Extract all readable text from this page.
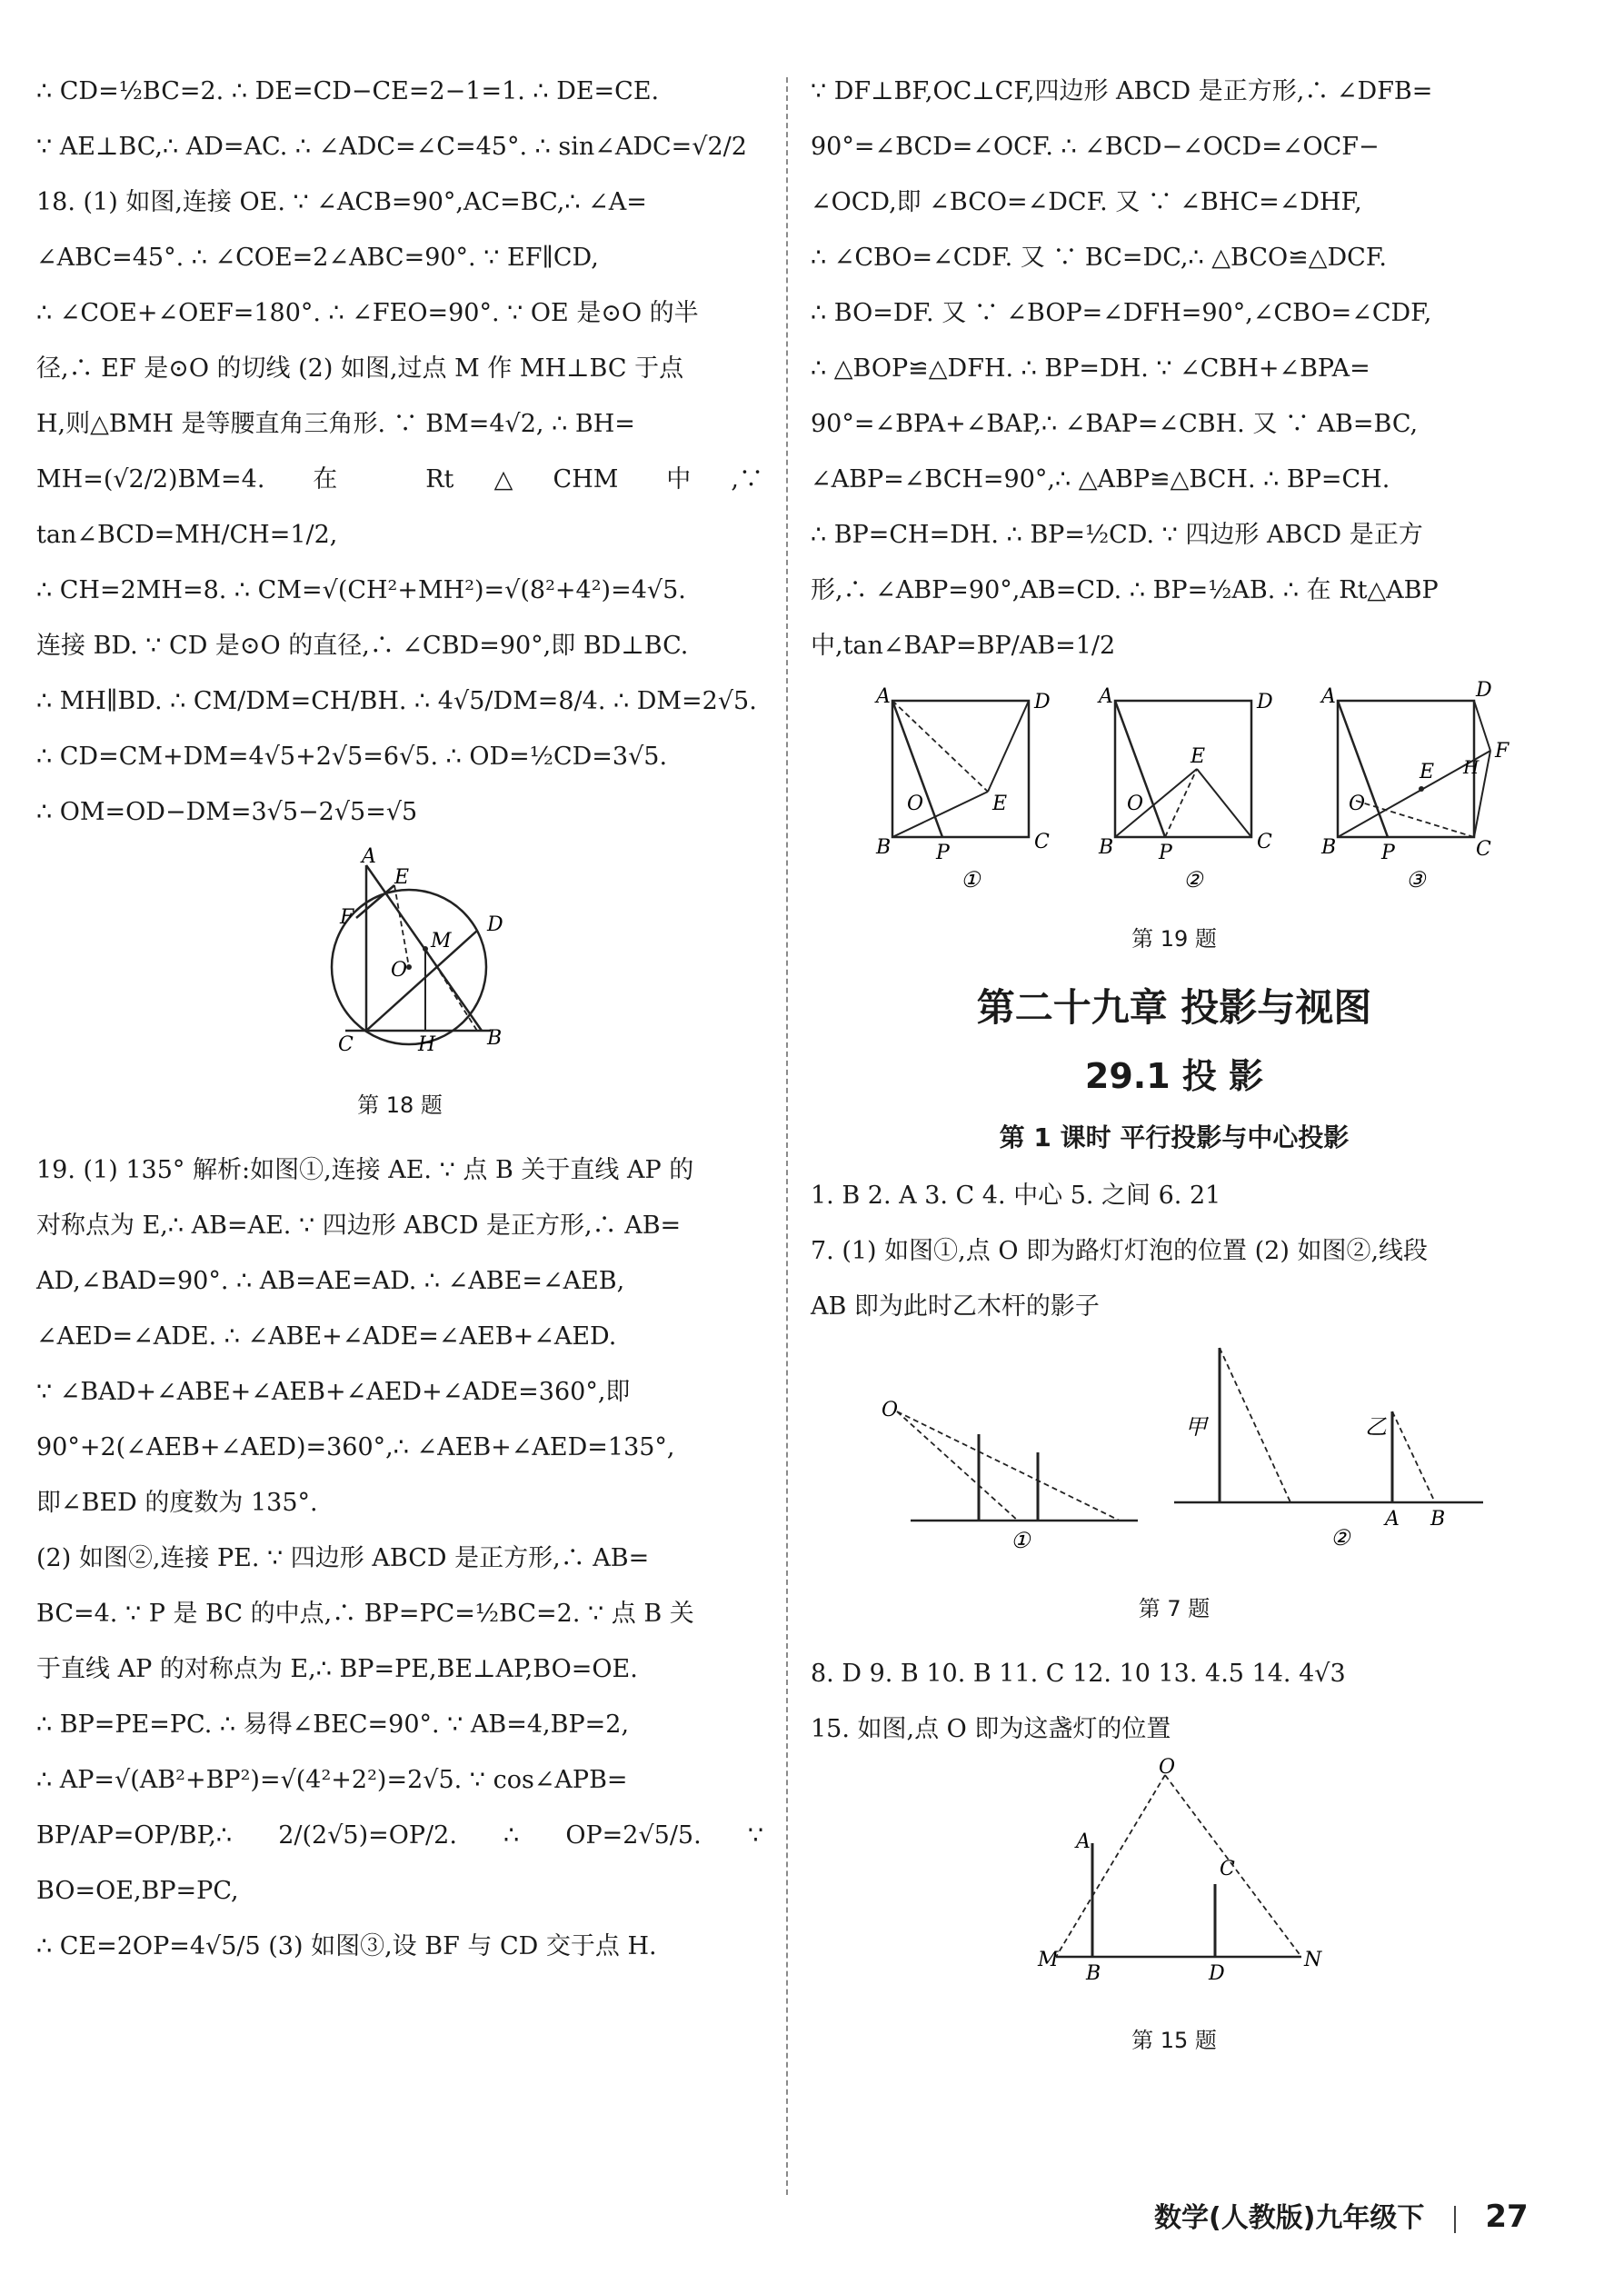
∴ CD=½BC=2. ∴ DE=CD−CE=2−1=1. ∴ DE=CE.

∵ AE⊥BC,∴ AD=AC. ∴ ∠ADC=∠C=45°. ∴ sin∠ADC=√2/2

18. (1) 如图,连接 OE. ∵ ∠ACB=90°,AC=BC,∴ ∠A=

∠ABC=45°. ∴ ∠COE=2∠ABC=90°. ∵ EF∥CD,

∴ ∠COE+∠OEF=180°. ∴ ∠FEO=90°. ∵ OE 是⊙O 的半

径,∴ EF 是⊙O 的切线 (2) 如图,过点 M 作 MH⊥BC 于点

H,则△BMH 是等腰直角三角形. ∵ BM=4√2, ∴ BH=

MH=(√2/2)BM=4. 在 Rt△CHM 中,∵ tan∠BCD=MH/CH=1/2,

∴ CH=2MH=8. ∴ CM=√(CH²+MH²)=√(8²+4²)=4√5.

连接 BD. ∵ CD 是⊙O 的直径,∴ ∠CBD=90°,即 BD⊥BC.

∴ MH∥BD. ∴ CM/DM=CH/BH. ∴ 4√5/DM=8/4. ∴ DM=2√5.

∴ CD=CM+DM=4√5+2√5=6√5. ∴ OD=½CD=3√5.

∴ OM=OD−DM=3√5−2√5=√5

A
E
F	D
M
O
C	H	B
第 18 题

19. (1) 135° 解析:如图①,连接 AE. ∵ 点 B 关于直线 AP 的

对称点为 E,∴ AB=AE. ∵ 四边形 ABCD 是正方形,∴ AB=

AD,∠BAD=90°. ∴ AB=AE=AD. ∴ ∠ABE=∠AEB,

∠AED=∠ADE. ∴ ∠ABE+∠ADE=∠AEB+∠AED.

∵ ∠BAD+∠ABE+∠AEB+∠AED+∠ADE=360°,即

90°+2(∠AEB+∠AED)=360°,∴ ∠AEB+∠AED=135°,

即∠BED 的度数为 135°.

(2) 如图②,连接 PE. ∵ 四边形 ABCD 是正方形,∴ AB=

BC=4. ∵ P 是 BC 的中点,∴ BP=PC=½BC=2. ∵ 点 B 关

于直线 AP 的对称点为 E,∴ BP=PE,BE⊥AP,BO=OE.

∴ BP=PE=PC. ∴ 易得∠BEC=90°. ∵ AB=4,BP=2,

∴ AP=√(AB²+BP²)=√(4²+2²)=2√5. ∵ cos∠APB=

BP/AP=OP/BP,∴ 2/(2√5)=OP/2. ∴ OP=2√5/5. ∵ BO=OE,BP=PC,

∴ CE=2OP=4√5/5 (3) 如图③,设 BF 与 CD 交于点 H.

∵ DF⊥BF,OC⊥CF,四边形 ABCD 是正方形,∴ ∠DFB=

90°=∠BCD=∠OCF. ∴ ∠BCD−∠OCD=∠OCF−

∠OCD,即 ∠BCO=∠DCF. 又 ∵ ∠BHC=∠DHF,

∴ ∠CBO=∠CDF. 又 ∵ BC=DC,∴ △BCO≌△DCF.

∴ BO=DF. 又 ∵ ∠BOP=∠DFH=90°,∠CBO=∠CDF,

∴ △BOP≌△DFH. ∴ BP=DH. ∵ ∠CBH+∠BPA=

90°=∠BPA+∠BAP,∴ ∠BAP=∠CBH. 又 ∵ AB=BC,

∠ABP=∠BCH=90°,∴ △ABP≌△BCH. ∴ BP=CH.

∴ BP=CH=DH. ∴ BP=½CD. ∵ 四边形 ABCD 是正方

形,∴ ∠ABP=90°,AB=CD. ∴ BP=½AB. ∴ 在 Rt△ABP

中,tan∠BAP=BP/AB=1/2

A	D
B	C
P
O	E
①
A	D
B	C
P
O
E
②
A	D
B	C
P
O
E H
F
③
第 19 题
第二十九章 投影与视图
29.1 投 影
第 1 课时 平行投影与中心投影

1. B 2. A 3. C 4. 中心 5. 之间 6. 21

7. (1) 如图①,点 O 即为路灯灯泡的位置 (2) 如图②,线段

AB 即为此时乙木杆的影子

O
①
甲	乙
A B
②
第 7 题

8. D 9. B 10. B 11. C 12. 10 13. 4.5 14. 4√3

15. 如图,点 O 即为这盏灯的位置

O
A
C
M
B	D
N
第 15 题
数学(人教版)九年级下 27
